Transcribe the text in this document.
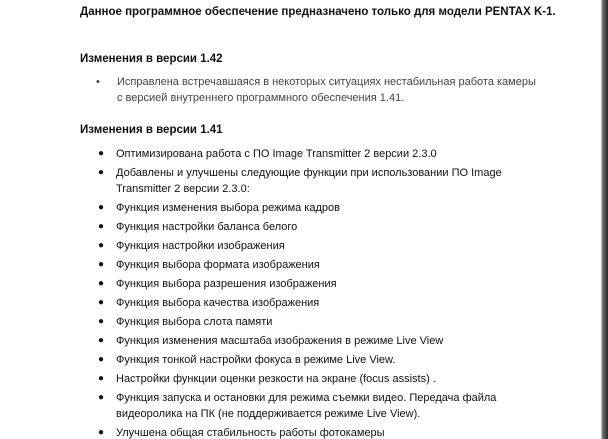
Данное программное обеспечение предназначено только для модели PENTAX K-1.
Изменения в версии 1.42
• Исправлена встречавшаяся в некоторых ситуациях нестабильная работа камеры с версией внутреннего программного обеспечения 1.41.
Изменения в версии 1.41
● Оптимизирована работа с ПО Image Transmitter 2 версии 2.3.0
● Добавлены и улучшены следующие функции при использовании ПО Image Transmitter 2 версии 2.3.0:
● Функция изменения выбора режима кадров
● Функция настройки баланса белого
● Функция настройки изображения
● Функция выбора формата изображения
● Функция выбора разрешения изображения
● Функция выбора качества изображения
● Функция выбора слота памяти
● Функция изменения масштаба изображения в режиме Live View
● Функция тонкой настройки фокуса в режиме Live View.
● Настройки функции оценки резкости на экране (focus assists) .
● Функция запуска и остановки для режима съемки видео. Передача файла видеоролика на ПК (не поддерживается режиме Live View).
● Улучшена общая стабильность работы фотокамеры
